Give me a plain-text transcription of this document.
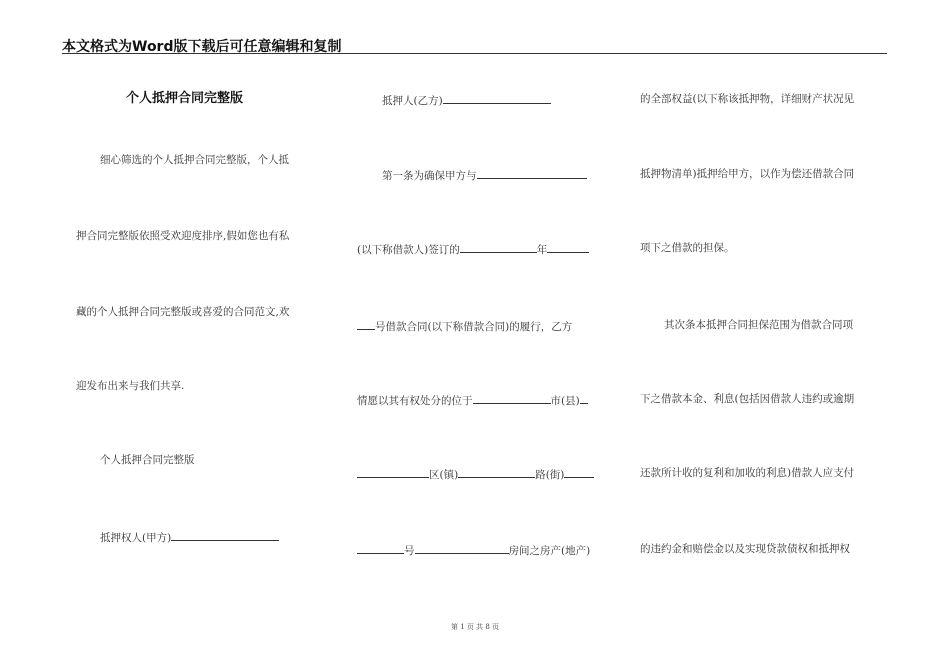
本文格式为Word版下载后可任意编辑和复制
个人抵押合同完整版
细心筛选的个人抵押合同完整版，个人抵
押合同完整版依照受欢迎度排序,假如您也有私
藏的个人抵押合同完整版或喜爱的合同范文,欢
迎发布出来与我们共享.
个人抵押合同完整版
抵押权人(甲方)
抵押人(乙方)
第一条为确保甲方与
(以下称借款人)签订的	年
号借款合同(以下称借款合同)的履行，乙方
情愿以其有权处分的位于	市(县)
区(镇)	路(街)
号	房间之房产(地产)
的全部权益(以下称该抵押物，详细财产状况见
抵押物清单)抵押给甲方，以作为偿还借款合同
项下之借款的担保。
其次条本抵押合同担保范围为借款合同项
下之借款本金、利息(包括因借款人违约或逾期
还款所计收的复利和加收的利息)借款人应支付
的违约金和赔偿金以及实现贷款债权和抵押权
第 1 页 共 8 页
